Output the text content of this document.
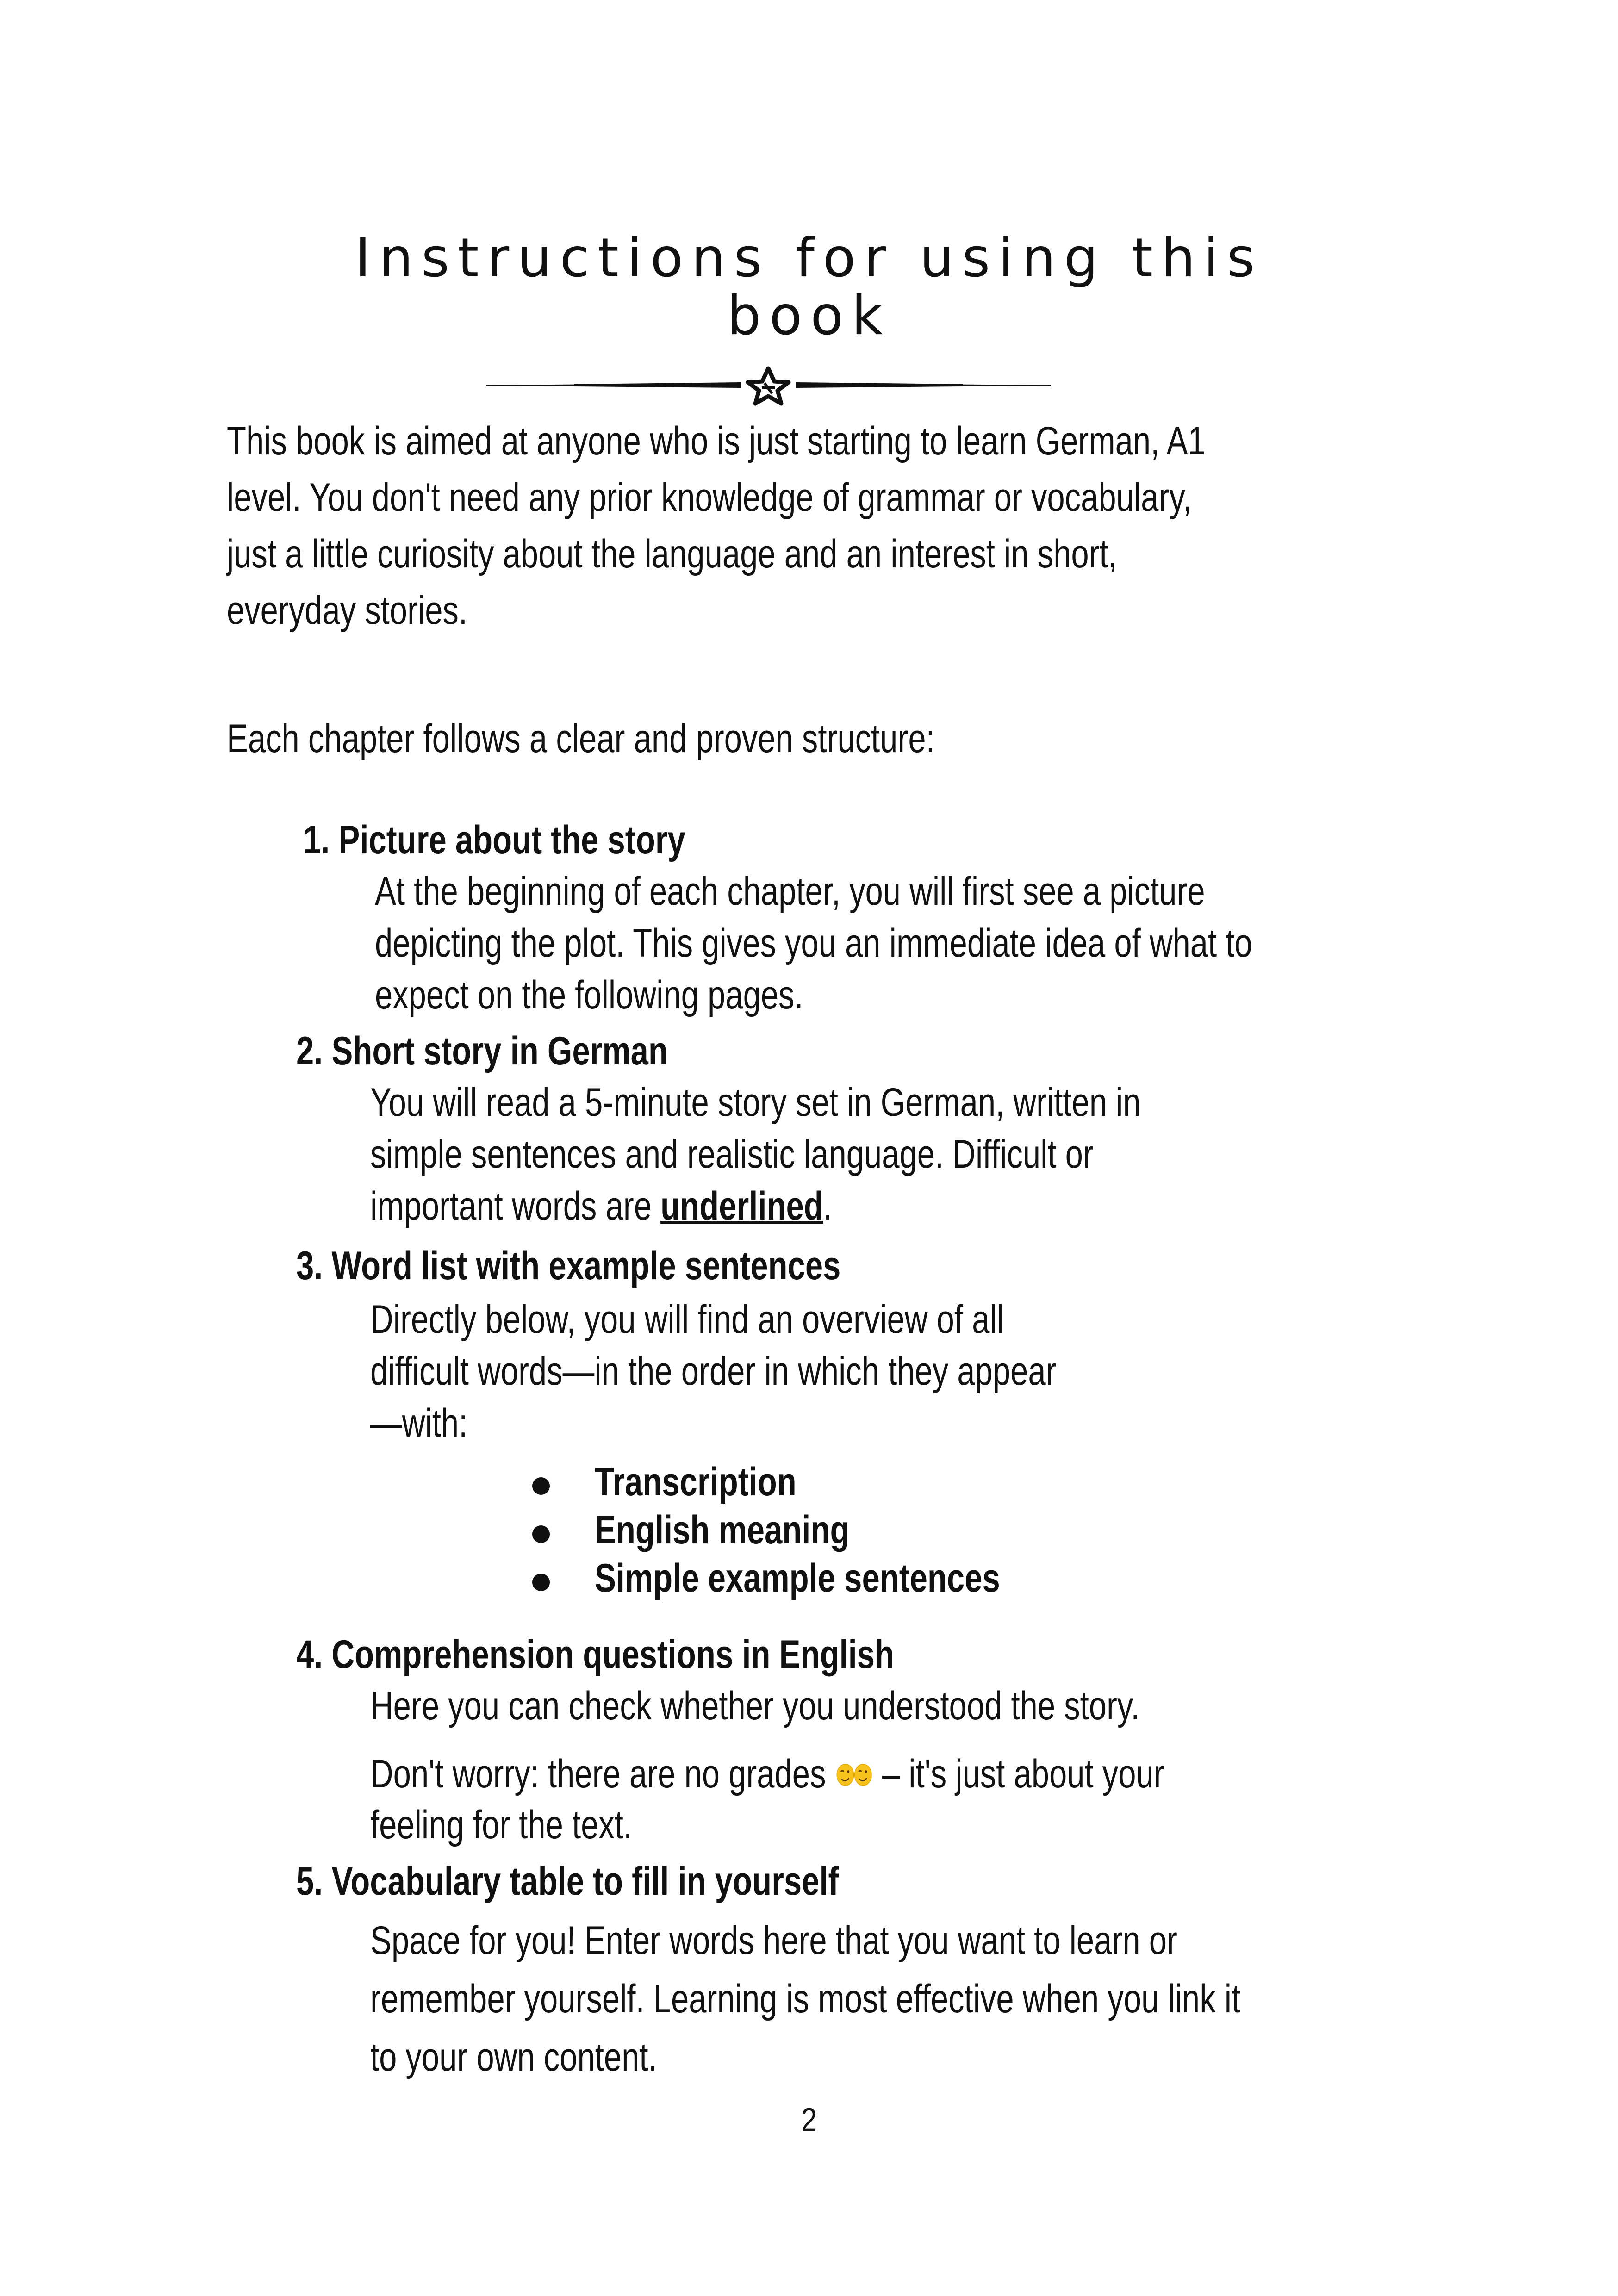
Instructions for using this
book
This book is aimed at anyone who is just starting to learn German, A1
level. You don't need any prior knowledge of grammar or vocabulary,
just a little curiosity about the language and an interest in short,
everyday stories.

Each chapter follows a clear and proven structure:

1. Picture about the story
At the beginning of each chapter, you will first see a picture
depicting the plot. This gives you an immediate idea of what to
expect on the following pages.
2. Short story in German
You will read a 5-minute story set in German, written in
simple sentences and realistic language. Difficult or
important words are underlined.
3. Word list with example sentences
Directly below, you will find an overview of all
difficult words—in the order in which they appear
—with:
Transcription
English meaning
Simple example sentences
4. Comprehension questions in English
Here you can check whether you understood the story.
Don't worry: there are no grades  – it's just about your
feeling for the text.
5. Vocabulary table to fill in yourself
Space for you! Enter words here that you want to learn or
remember yourself. Learning is most effective when you link it
to your own content.
2
